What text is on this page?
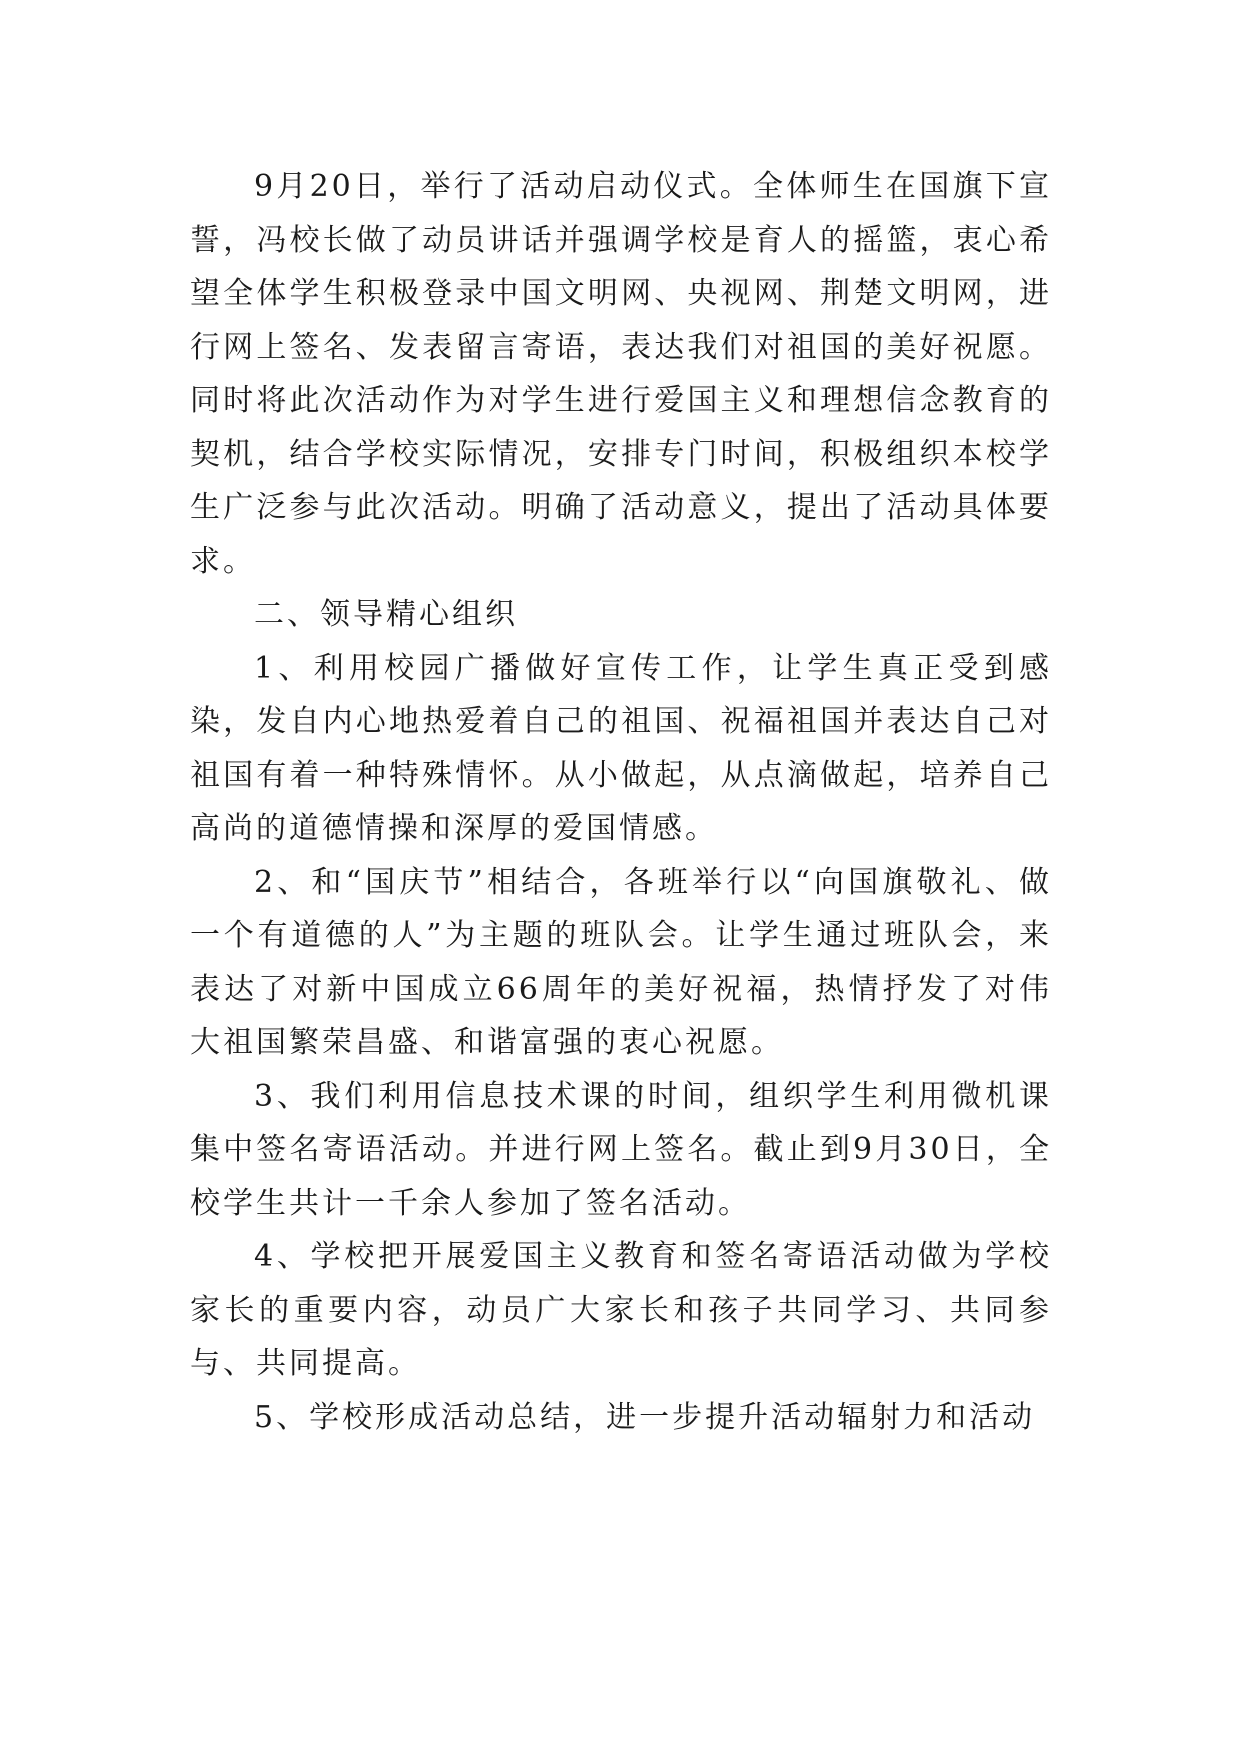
9月20日，举行了活动启动仪式。全体师生在国旗下宣誓，冯校长做了动员讲话并强调学校是育人的摇篮，衷心希望全体学生积极登录中国文明网、央视网、荆楚文明网，进行网上签名、发表留言寄语，表达我们对祖国的美好祝愿。同时将此次活动作为对学生进行爱国主义和理想信念教育的契机，结合学校实际情况，安排专门时间，积极组织本校学生广泛参与此次活动。明确了活动意义，提出了活动具体要求。

二、领导精心组织

1、利用校园广播做好宣传工作，让学生真正受到感染，发自内心地热爱着自己的祖国、祝福祖国并表达自己对祖国有着一种特殊情怀。从小做起，从点滴做起，培养自己高尚的道德情操和深厚的爱国情感。

2、和“国庆节”相结合，各班举行以“向国旗敬礼、做一个有道德的人”为主题的班队会。让学生通过班队会，来表达了对新中国成立66周年的美好祝福，热情抒发了对伟大祖国繁荣昌盛、和谐富强的衷心祝愿。

3、我们利用信息技术课的时间，组织学生利用微机课集中签名寄语活动。并进行网上签名。截止到9月30日，全校学生共计一千余人参加了签名活动。

4、学校把开展爱国主义教育和签名寄语活动做为学校家长的重要内容，动员广大家长和孩子共同学习、共同参与、共同提高。

5、学校形成活动总结，进一步提升活动辐射力和活动
